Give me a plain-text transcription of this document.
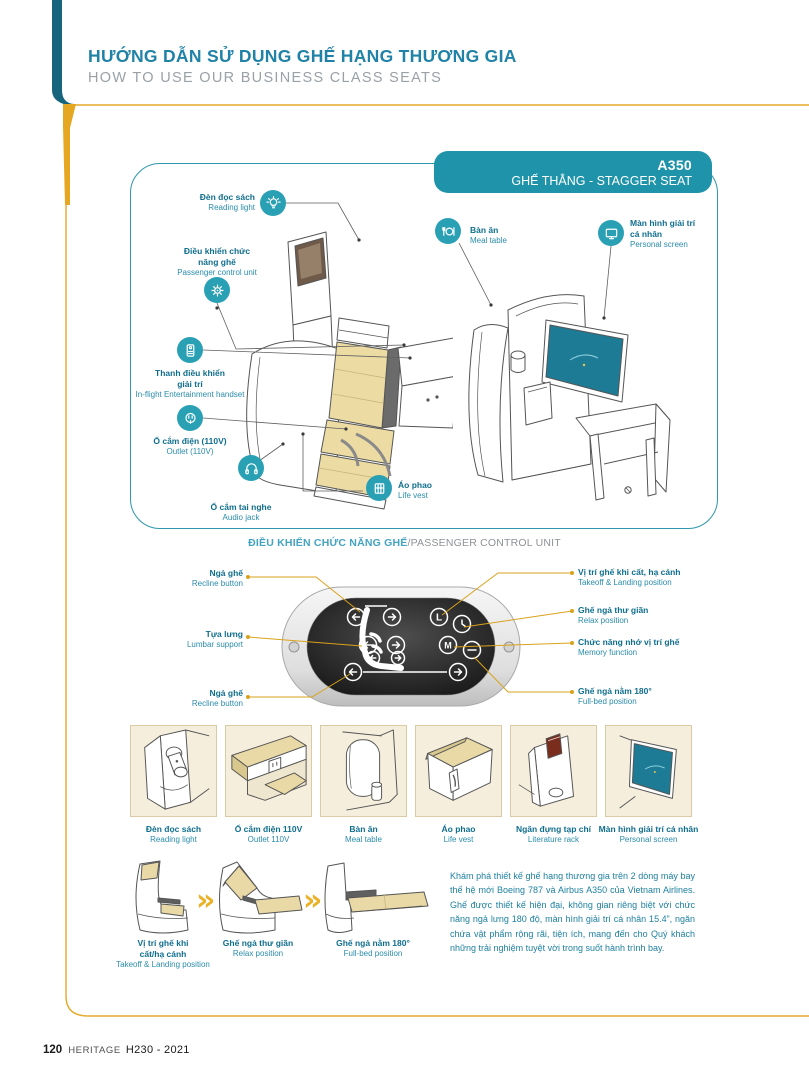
HƯỚNG DẪN SỬ DỤNG GHẾ HẠNG THƯƠNG GIA
HOW TO USE OUR BUSINESS CLASS SEATS
A350
GHẾ THẲNG - STAGGER SEAT
Đèn đọc sách
Reading light
Điều khiển chức năng ghế
Passenger control unit
Thanh điều khiển giải trí
In-flight Entertainment handset
Ổ cắm điện (110V)
Outlet (110V)
Ổ cắm tai nghe
Audio jack
Áo phao
Life vest
Bàn ăn
Meal table
Màn hình giải trí cá nhân
Personal screen
ĐIỀU KHIỂN CHỨC NĂNG GHẾ/PASSENGER CONTROL UNIT
L
M
Ngả ghế
Recline button
Tựa lưng
Lumbar support
Ngả ghế
Recline button
Vị trí ghế khi cất, hạ cánh
Takeoff & Landing position
Ghế ngả thư giãn
Relax position
Chức năng nhớ vị trí ghế
Memory function
Ghế ngả nằm 180°
Full-bed position
Đèn đọc sách
Reading light
Ổ cắm điện 110V
Outlet 110V
Bàn ăn
Meal table
Áo phao
Life vest
Ngăn đựng tạp chí
Literature rack
Màn hình giải trí cá nhân
Personal screen
»	»
Vị trí ghế khi cất/hạ cánh
Takeoff & Landing position
Ghế ngả thư giãn
Relax position
Ghế ngả nằm 180°
Full-bed position
Khám phá thiết kế ghế hạng thương gia trên 2 dòng máy bay thế hệ mới Boeing 787 và Airbus A350 của Vietnam Airlines. Ghế được thiết kế hiện đại, không gian riêng biệt với chức năng ngả lưng 180 độ, màn hình giải trí cá nhân 15.4”, ngăn chứa vật phẩm rộng rãi, tiện ích, mang đến cho Quý khách những trải nghiệm tuyệt vời trong suốt hành trình bay.
120 HERITAGE H230 - 2021
